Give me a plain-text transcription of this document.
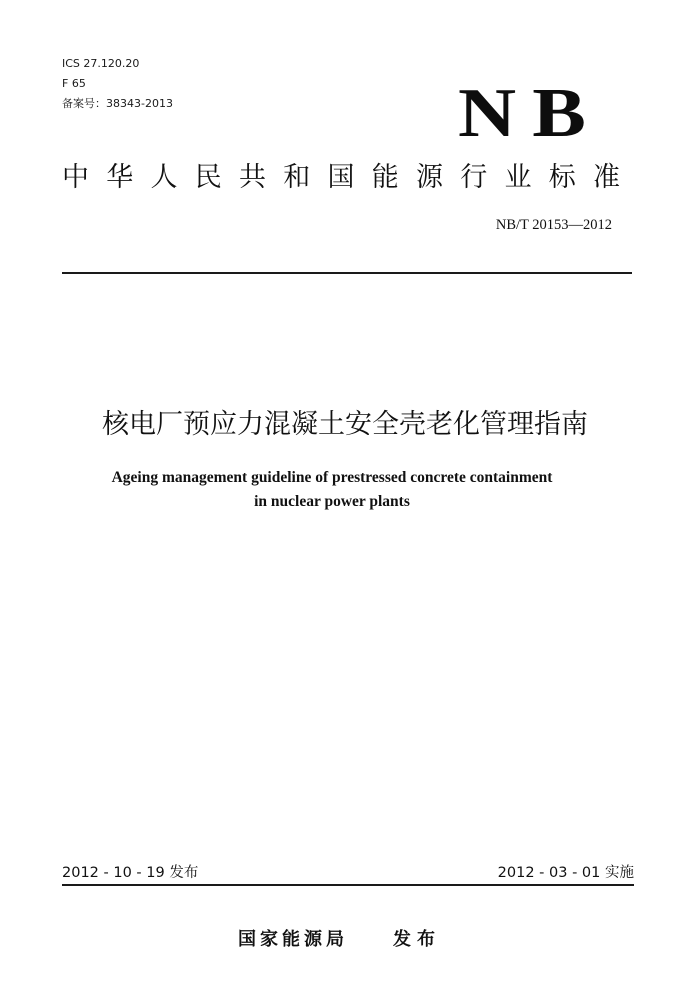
ICS 27.120.20
F 65
备案号：38343-2013	NB
中华人民共和国能源行业标准
NB/T 20153—2012
核电厂预应力混凝土安全壳老化管理指南
Ageing management guideline of prestressed concrete containment
in nuclear power plants
2012 - 10 - 19 发布	2012 - 03 - 01 实施
国家能源局	发布
